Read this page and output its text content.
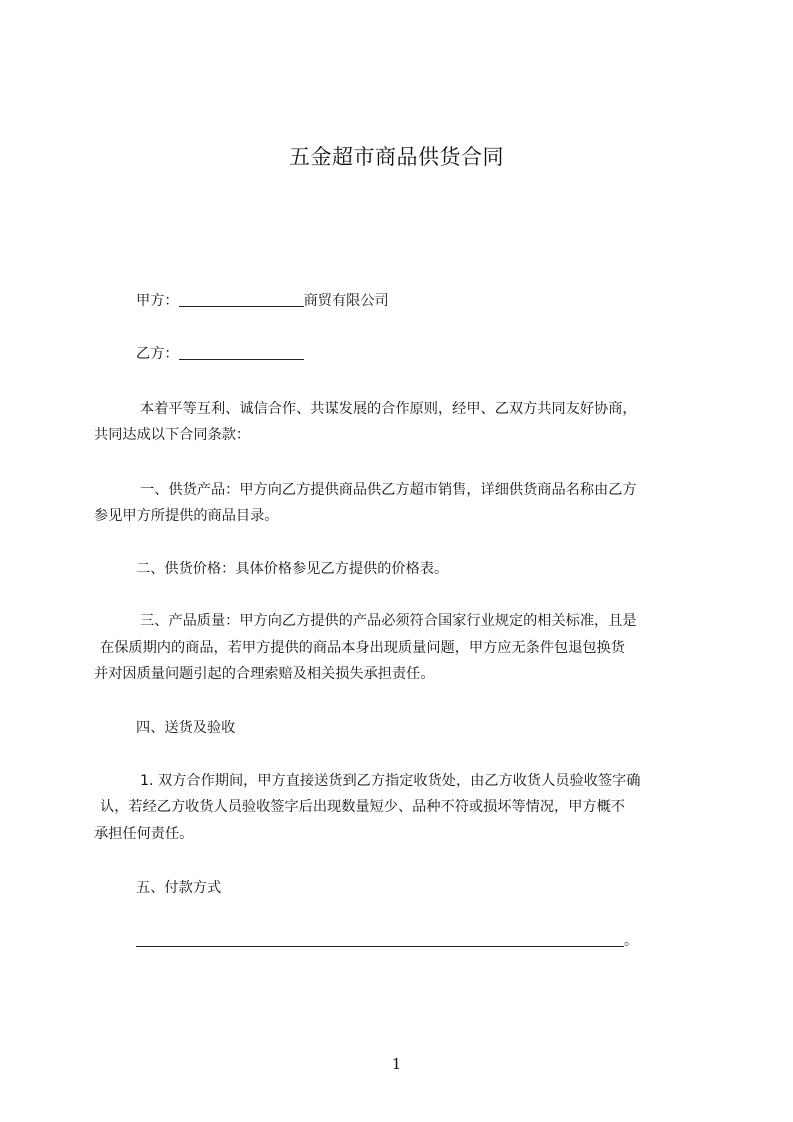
五金超市商品供货合同
甲方：	商贸有限公司
乙方：
本着平等互利、诚信合作、共谋发展的合作原则，经甲、乙双方共同友好协商，
共同达成以下合同条款：
一、供货产品：甲方向乙方提供商品供乙方超市销售，详细供货商品名称由乙方
参见甲方所提供的商品目录。
二、供货价格：具体价格参见乙方提供的价格表。
三、产品质量：甲方向乙方提供的产品必须符合国家行业规定的相关标准，且是
在保质期内的商品，若甲方提供的商品本身出现质量问题，甲方应无条件包退包换货
并对因质量问题引起的合理索赔及相关损失承担责任。
四、送货及验收
1. 双方合作期间，甲方直接送货到乙方指定收货处，由乙方收货人员验收签字确
认，若经乙方收货人员验收签字后出现数量短少、品种不符或损坏等情况，甲方概不
承担任何责任。
五、付款方式
。
1
